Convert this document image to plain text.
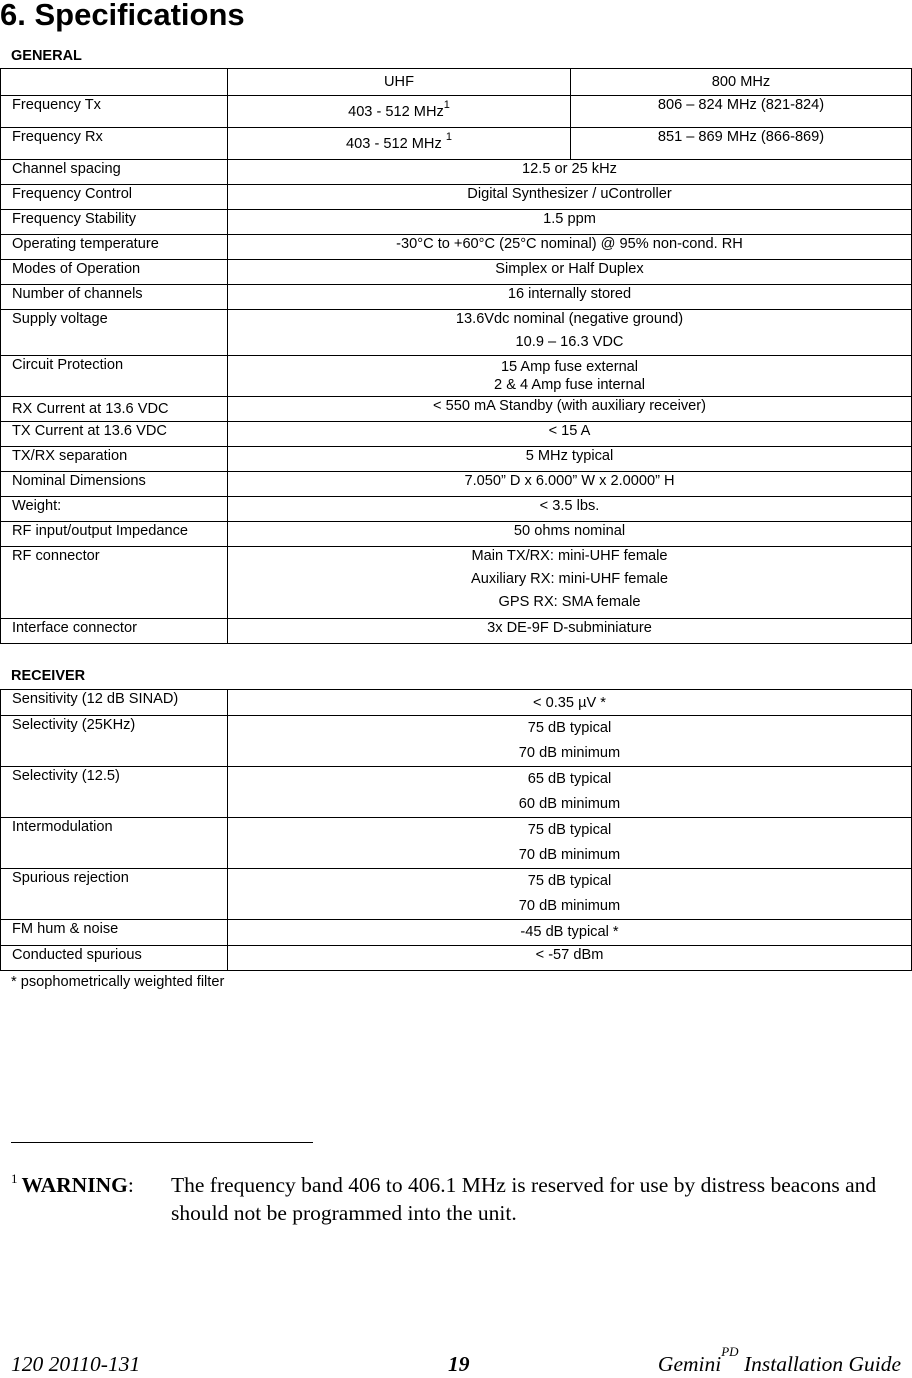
6. Specifications
GENERAL
	UHF	800 MHz
Frequency Tx	403 - 512 MHz$^1$	806 – 824 MHz (821-824)
Frequency Rx	403 - 512 MHz $^1$	851 – 869 MHz (866-869)
Channel spacing	12.5 or 25 kHz	
Frequency Control	Digital Synthesizer / uController	
Frequency Stability	1.5 ppm	
Operating temperature	-30°C to +60°C (25°C nominal) @ 95% non-cond. RH	
Modes of Operation	Simplex or Half Duplex	
Number of channels	16 internally stored	
Supply voltage	13.6Vdc nominal (negative ground)
10.9 – 16.3 VDC	

Circuit Protection	15 Amp fuse external
2 & 4 Amp fuse internal	

RX Current at 13.6 VDC	< 550 mA Standby (with auxiliary receiver)	
TX Current at 13.6 VDC	< 15 A	
TX/RX separation	5 MHz typical	
Nominal Dimensions	7.050” D x 6.000” W x 2.0000” H	
Weight:	< 3.5 lbs.	
RF input/output Impedance	50 ohms nominal	
RF connector	Main TX/RX: mini-UHF female
Auxiliary RX: mini-UHF female
GPS RX: SMA female	

Interface connector	3x DE-9F D-subminiature	
RECEIVER
Sensitivity (12 dB SINAD)	< 0.35 µV *
Selectivity (25KHz)	75 dB typical
70 dB minimum

Selectivity (12.5)	65 dB typical
60 dB minimum

Intermodulation	75 dB typical
70 dB minimum

Spurious rejection	75 dB typical
70 dB minimum

FM hum & noise	-45 dB typical *
Conducted spurious	< -57 dBm
* psophometrically weighted filter
$^1$ WARNING: The frequency band 406 to 406.1 MHz is reserved for use by distress beacons and should not be programmed into the unit.
120 20110-131	19	Gemini$^{PD}$ Installation Guide
